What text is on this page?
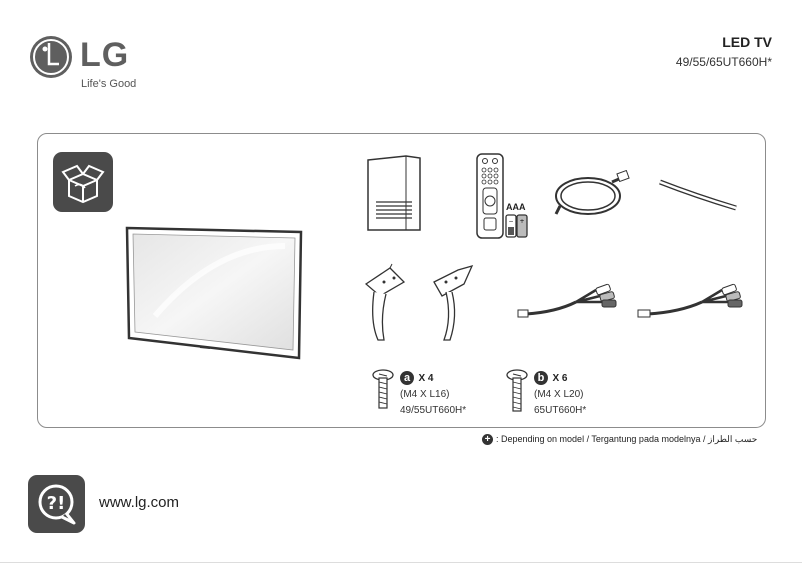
LG
Life's Good
LED TV
49/55/65UT660H*
AAA
− +
a X 4
(M4 X L16)
49/55UT660H*
b X 6
(M4 X L20)
65UT660H*
+ : Depending on model / Tergantung pada modelnya / حسب الطراز
?! www.lg.com
